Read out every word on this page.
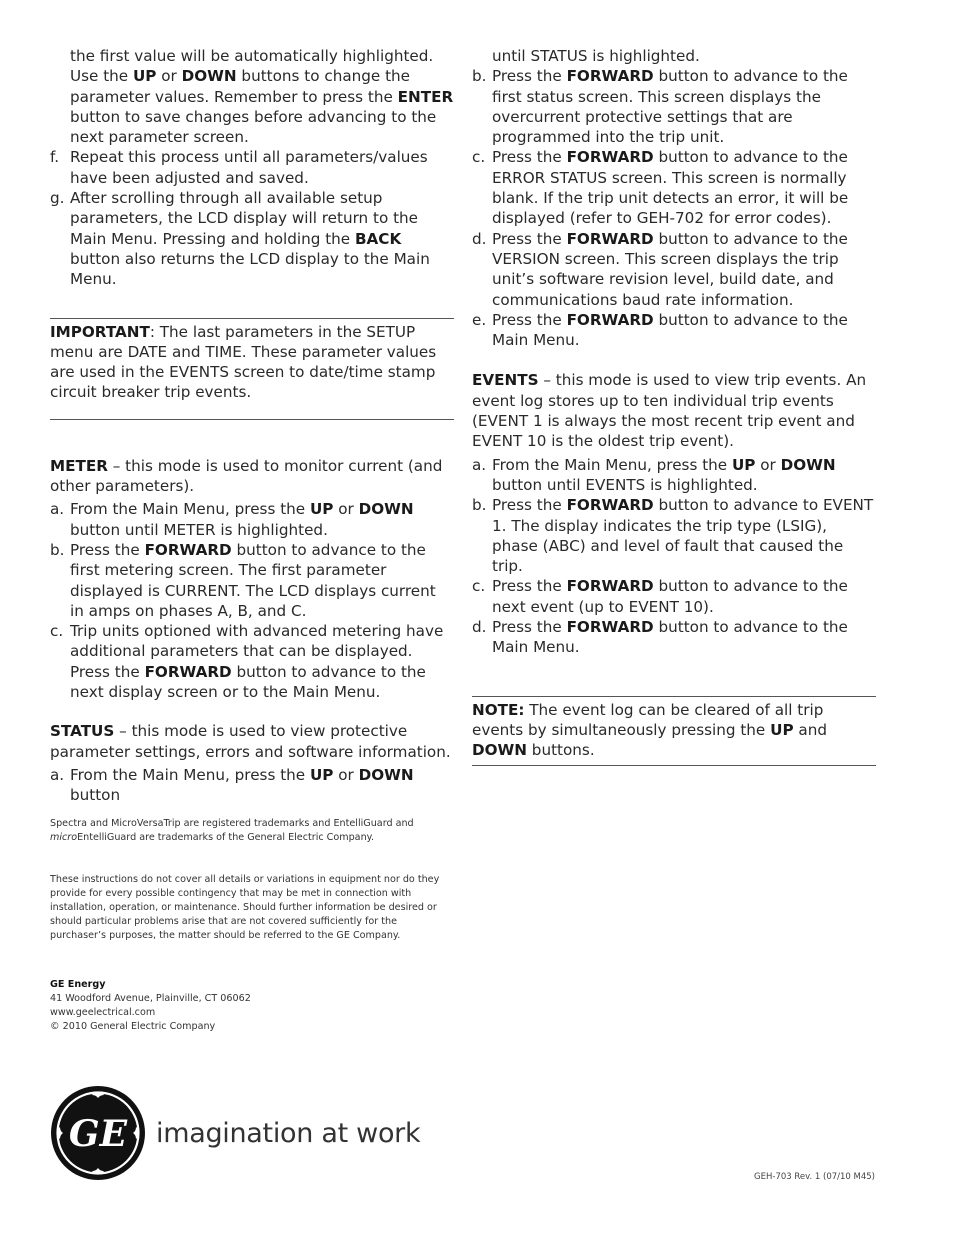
the first value will be automatically highlighted. Use the UP or DOWN buttons to change the parameter values. Remember to press the ENTER button to save changes before advancing to the next parameter screen.

f. Repeat this process until all parameters/values have been adjusted and saved.
g. After scrolling through all available setup parameters, the LCD display will return to the Main Menu. Pressing and holding the BACK button also returns the LCD display to the Main Menu.

IMPORTANT: The last parameters in the SETUP menu are DATE and TIME. These parameter values are used in the EVENTS screen to date/time stamp circuit breaker trip events.

METER – this mode is used to monitor current (and other parameters).

a. From the Main Menu, press the UP or DOWN button until METER is highlighted.
b. Press the FORWARD button to advance to the first metering screen. The first parameter displayed is CURRENT. The LCD displays current in amps on phases A, B, and C.
c. Trip units optioned with advanced metering have additional parameters that can be displayed. Press the FORWARD button to advance to the next display screen or to the Main Menu.

STATUS – this mode is used to view protective parameter settings, errors and software information.

a. From the Main Menu, press the UP or DOWN button

until STATUS is highlighted.

b. Press the FORWARD button to advance to the first status screen. This screen displays the overcurrent protective settings that are programmed into the trip unit.
c. Press the FORWARD button to advance to the ERROR STATUS screen. This screen is normally blank. If the trip unit detects an error, it will be displayed (refer to GEH-702 for error codes).
d. Press the FORWARD button to advance to the VERSION screen. This screen displays the trip unit’s software revision level, build date, and communications baud rate information.
e. Press the FORWARD button to advance to the Main Menu.

EVENTS – this mode is used to view trip events. An event log stores up to ten individual trip events (EVENT 1 is always the most recent trip event and EVENT 10 is the oldest trip event).

a. From the Main Menu, press the UP or DOWN button until EVENTS is highlighted.
b. Press the FORWARD button to advance to EVENT 1. The display indicates the trip type (LSIG), phase (ABC) and level of fault that caused the trip.
c. Press the FORWARD button to advance to the next event (up to EVENT 10).
d. Press the FORWARD button to advance to the Main Menu.

NOTE: The event log can be cleared of all trip events by simultaneously pressing the UP and DOWN buttons.

Spectra and MicroVersaTrip are registered trademarks and EntelliGuard and
microEntelliGuard are trademarks of the General Electric Company.
These instructions do not cover all details or variations in equipment nor do they provide for every possible contingency that may be met in connection with installation, operation, or maintenance. Should further information be desired or should particular problems arise that are not covered sufficiently for the purchaser’s purposes, the matter should be referred to the GE Company.
GE Energy
41 Woodford Avenue, Plainville, CT 06062
www.geelectrical.com
© 2010 General Electric Company
GE imagination at work
GEH-703 Rev. 1 (07/10 M45)
